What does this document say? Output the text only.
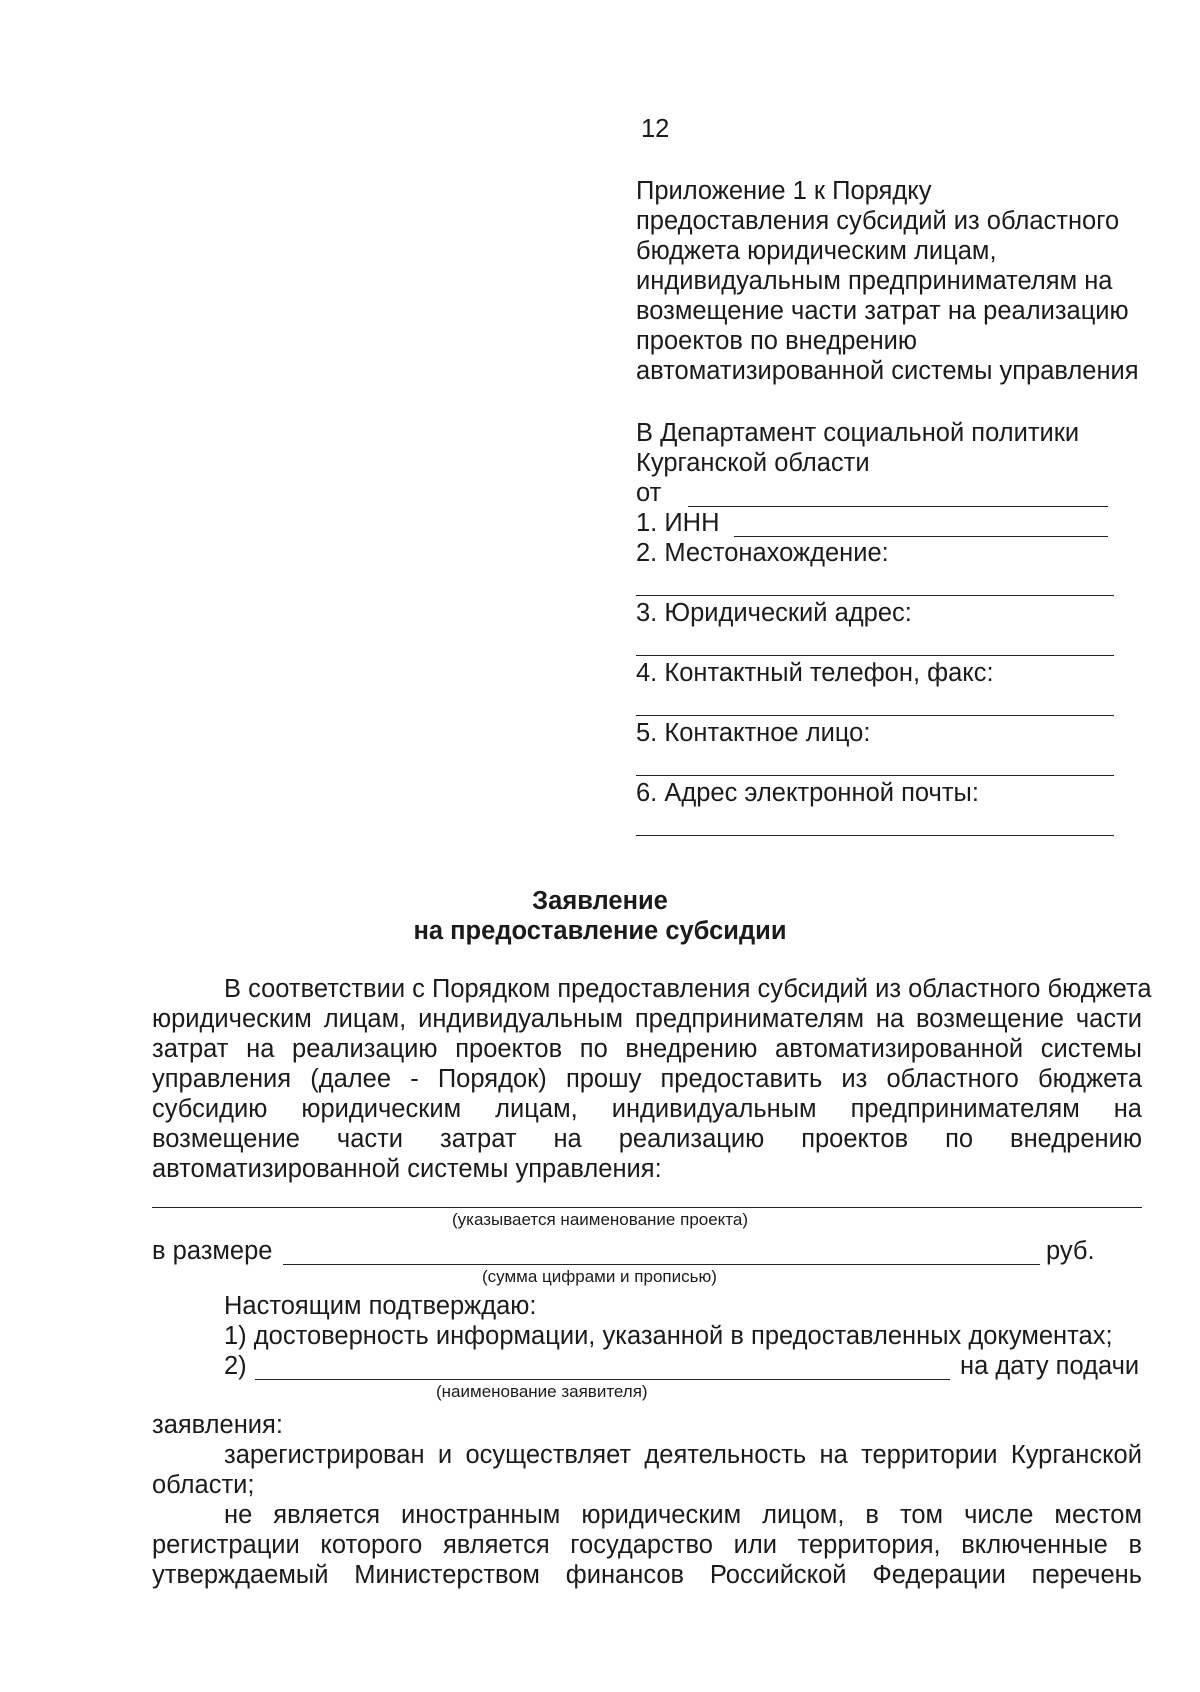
12
Приложение 1 к Порядку
предоставления субсидий из областного
бюджета юридическим лицам,
индивидуальным предпринимателям на
возмещение части затрат на реализацию
проектов по внедрению
автоматизированной системы управления
В Департамент социальной политики
Курганской области
от
1. ИНН
2. Местонахождение:
3. Юридический адрес:
4. Контактный телефон, факс:
5. Контактное лицо:
6. Адрес электронной почты:
Заявление
на предоставление субсидии
В соответствии с Порядком предоставления субсидий из областного бюджета
юридическим лицам, индивидуальным предпринимателям на возмещение части
затрат на реализацию проектов по внедрению автоматизированной системы
управления (далее - Порядок) прошу предоставить из областного бюджета
субсидию юридическим лицам, индивидуальным предпринимателям на
возмещение части затрат на реализацию проектов по внедрению
автоматизированной системы управления:
(указывается наименование проекта)
в размере	руб.
(сумма цифрами и прописью)
Настоящим подтверждаю:
1) достоверность информации, указанной в предоставленных документах;
2)	на дату подачи
(наименование заявителя)
заявления:
зарегистрирован и осуществляет деятельность на территории Курганской
области;
не является иностранным юридическим лицом, в том числе местом
регистрации которого является государство или территория, включенные в
утверждаемый Министерством финансов Российской Федерации перечень
